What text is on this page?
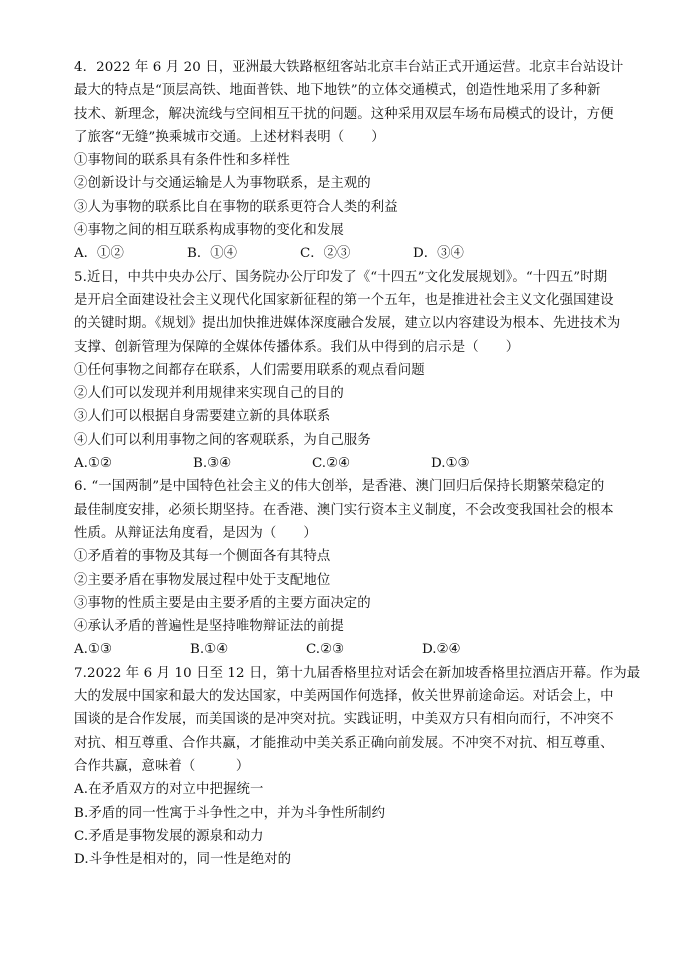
4．2022 年 6 月 20 日，亚洲最大铁路枢纽客站北京丰台站正式开通运营。北京丰台站设计
最大的特点是“顶层高铁、地面普铁、地下地铁”的立体交通模式，创造性地采用了多种新
技术、新理念，解决流线与空间相互干扰的问题。这种采用双层车场布局模式的设计，方便
了旅客“无缝”换乘城市交通。上述材料表明（　　）
①事物间的联系具有条件性和多样性
②创新设计与交通运输是人为事物联系，是主观的
③人为事物的联系比自在事物的联系更符合人类的利益
④事物之间的相互联系构成事物的变化和发展
A．①②	B．①④	C．②③	D．③④
5.近日，中共中央办公厅、国务院办公厅印发了《“十四五”文化发展规划》。“十四五”时期
是开启全面建设社会主义现代化国家新征程的第一个五年，也是推进社会主义文化强国建设
的关键时期。《规划》提出加快推进媒体深度融合发展，建立以内容建设为根本、先进技术为
支撑、创新管理为保障的全媒体传播体系。我们从中得到的启示是（　　）
①任何事物之间都存在联系，人们需要用联系的观点看问题
②人们可以发现并利用规律来实现自己的目的
③人们可以根据自身需要建立新的具体联系
④人们可以利用事物之间的客观联系，为自己服务
A.①②	B.③④	C.②④	D.①③
6. “一国两制”是中国特色社会主义的伟大创举，是香港、澳门回归后保持长期繁荣稳定的
最佳制度安排，必须长期坚持。在香港、澳门实行资本主义制度，不会改变我国社会的根本
性质。从辩证法角度看，是因为（　　）
①矛盾着的事物及其每一个侧面各有其特点
②主要矛盾在事物发展过程中处于支配地位
③事物的性质主要是由主要矛盾的主要方面决定的
④承认矛盾的普遍性是坚持唯物辩证法的前提
A.①③	B.①④	C.②③	D.②④
7.2022 年 6 月 10 日至 12 日，第十九届香格里拉对话会在新加坡香格里拉酒店开幕。作为最
大的发展中国家和最大的发达国家，中美两国作何选择，攸关世界前途命运。对话会上，中
国谈的是合作发展，而美国谈的是冲突对抗。实践证明，中美双方只有相向而行，不冲突不
对抗、相互尊重、合作共赢，才能推动中美关系正确向前发展。不冲突不对抗、相互尊重、
合作共赢，意味着（　　　）
A.在矛盾双方的对立中把握统一
B.矛盾的同一性寓于斗争性之中，并为斗争性所制约
C.矛盾是事物发展的源泉和动力
D.斗争性是相对的，同一性是绝对的
